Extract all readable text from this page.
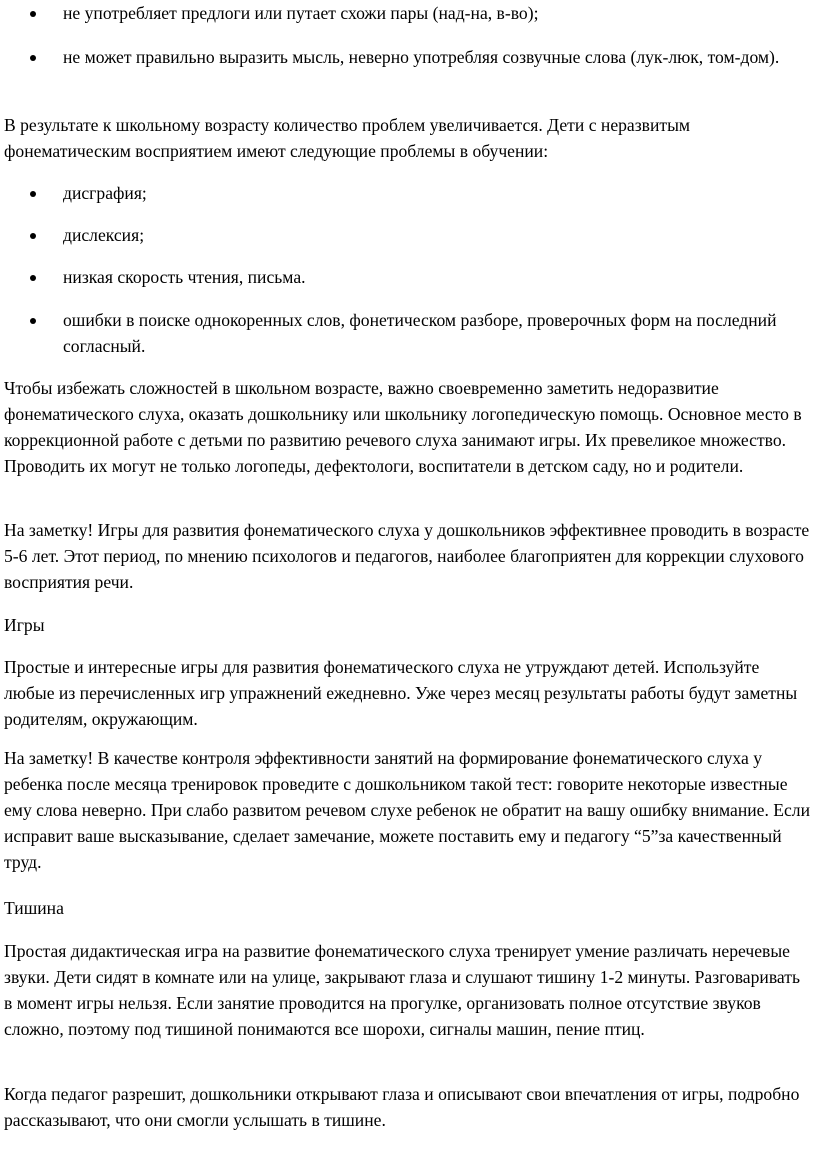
не употребляет предлоги или путает схожи пары (над-на, в-во);
не может правильно выразить мысль, неверно употребляя созвучные слова (лук-люк, том-дом).

В результате к школьному возрасту количество проблем увеличивается. Дети с неразвитым фонематическим восприятием имеют следующие проблемы в обучении:

дисграфия;
дислексия;
низкая скорость чтения, письма.
ошибки в поиске однокоренных слов, фонетическом разборе, проверочных форм на последний согласный.

Чтобы избежать сложностей в школьном возрасте, важно своевременно заметить недоразвитие фонематического слуха, оказать дошкольнику или школьнику логопедическую помощь. Основное место в коррекционной работе с детьми по развитию речевого слуха занимают игры. Их превеликое множество. Проводить их могут не только логопеды, дефектологи, воспитатели в детском саду, но и родители.

На заметку! Игры для развития фонематического слуха у дошкольников эффективнее проводить в возрасте 5-6 лет. Этот период, по мнению психологов и педагогов, наиболее благоприятен для коррекции слухового восприятия речи.

Игры

Простые и интересные игры для развития фонематического слуха не утруждают детей. Используйте любые из перечисленных игр упражнений ежедневно. Уже через месяц результаты работы будут заметны родителям, окружающим.

На заметку! В качестве контроля эффективности занятий на формирование фонематического слуха у ребенка после месяца тренировок проведите с дошкольником такой тест: говорите некоторые известные ему слова неверно. При слабо развитом речевом слухе ребенок не обратит на вашу ошибку внимание. Если исправит ваше высказывание, сделает замечание, можете поставить ему и педагогу “5”за качественный труд.

Тишина

Простая дидактическая игра на развитие фонематического слуха тренирует умение различать неречевые звуки. Дети сидят в комнате или на улице, закрывают глаза и слушают тишину 1-2 минуты. Разговаривать в момент игры нельзя. Если занятие проводится на прогулке, организовать полное отсутствие звуков сложно, поэтому под тишиной понимаются все шорохи, сигналы машин, пение птиц.

Когда педагог разрешит, дошкольники открывают глаза и описывают свои впечатления от игры, подробно рассказывают, что они смогли услышать в тишине.
